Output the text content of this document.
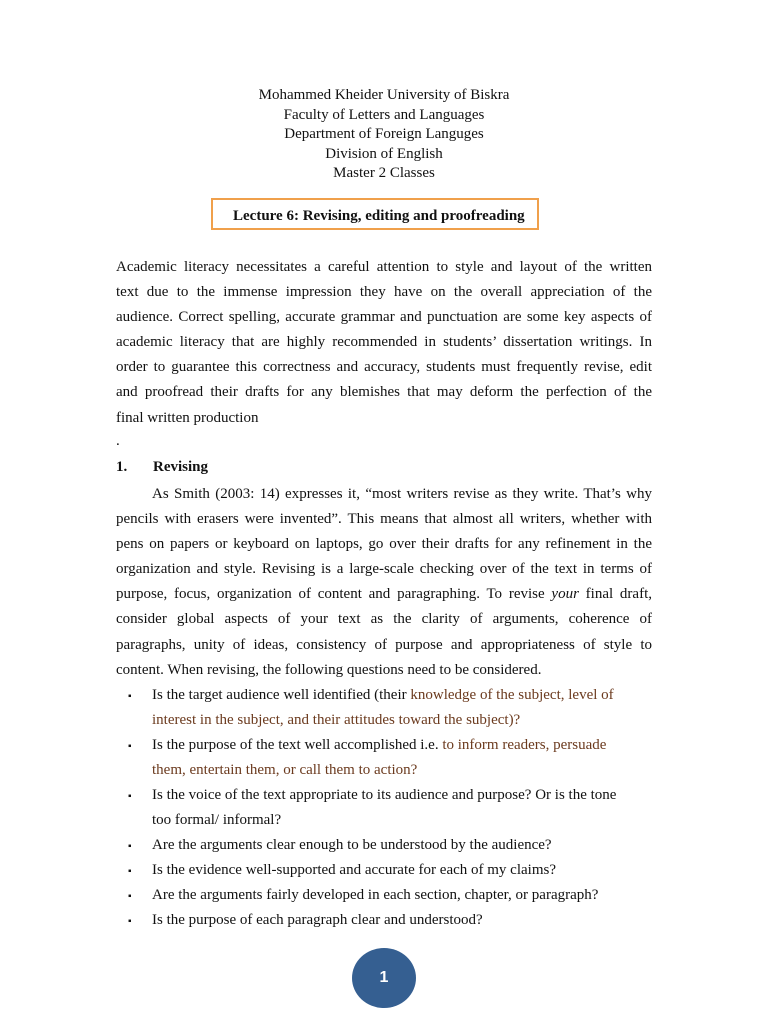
Mohammed Kheider University of Biskra
Faculty of Letters and Languages
Department of Foreign Languges
Division of English
Master 2 Classes
Lecture 6: Revising, editing and proofreading
Academic literacy necessitates a careful attention to style and layout of the written
text due to the immense impression they have on the overall appreciation of the
audience. Correct spelling, accurate grammar and punctuation are some key aspects of
academic literacy that are highly recommended in students’ dissertation writings. In
order to guarantee this correctness and accuracy, students must frequently revise, edit
and proofread their drafts for any blemishes that may deform the perfection of the
final written production
.
1. Revising
As Smith (2003: 14) expresses it, “most writers revise as they write. That’s why
pencils with erasers were invented”. This means that almost all writers, whether with
pens on papers or keyboard on laptops, go over their drafts for any refinement in the
organization and style. Revising is a large-scale checking over of the text in terms of
purpose, focus, organization of content and paragraphing. To revise your final draft,
consider global aspects of your text as the clarity of arguments, coherence of
paragraphs, unity of ideas, consistency of purpose and appropriateness of style to
content. When revising, the following questions need to be considered.
▪ Is the target audience well identified (their knowledge of the subject, level of
interest in the subject, and their attitudes toward the subject)?
▪ Is the purpose of the text well accomplished i.e. to inform readers, persuade
them, entertain them, or call them to action?
▪ Is the voice of the text appropriate to its audience and purpose? Or is the tone
too formal/ informal?
▪ Are the arguments clear enough to be understood by the audience?
▪ Is the evidence well-supported and accurate for each of my claims?
▪ Are the arguments fairly developed in each section, chapter, or paragraph?
▪ Is the purpose of each paragraph clear and understood?
1
